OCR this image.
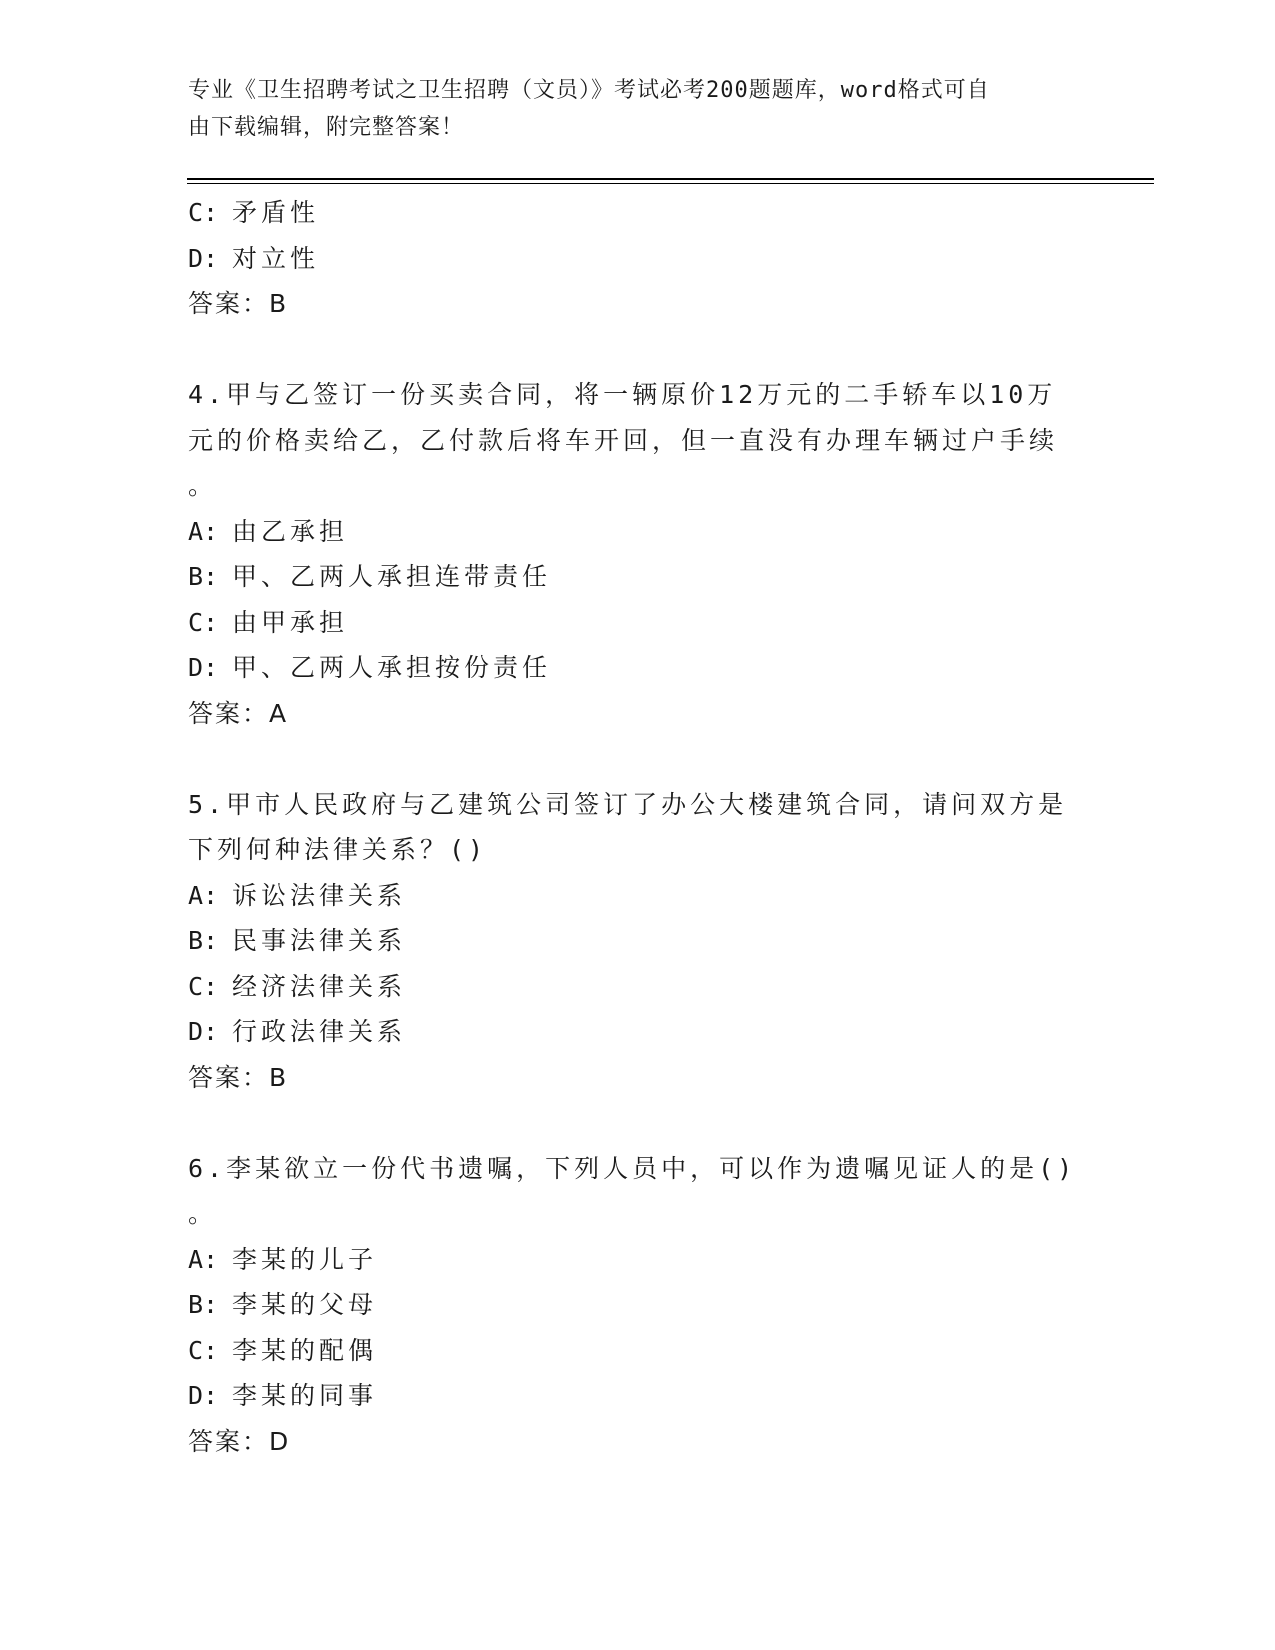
专业《卫生招聘考试之卫生招聘（文员）》考试必考200题题库，word格式可自
由下载编辑，附完整答案！
C: 矛盾性
D: 对立性
答案：B
4.甲与乙签订一份买卖合同，将一辆原价12万元的二手轿车以10万
元的价格卖给乙，乙付款后将车开回，但一直没有办理车辆过户手续
。
A: 由乙承担
B: 甲、乙两人承担连带责任
C: 由甲承担
D: 甲、乙两人承担按份责任
答案：A
5.甲市人民政府与乙建筑公司签订了办公大楼建筑合同，请问双方是
下列何种法律关系？()
A: 诉讼法律关系
B: 民事法律关系
C: 经济法律关系
D: 行政法律关系
答案：B
6.李某欲立一份代书遗嘱，下列人员中，可以作为遗嘱见证人的是()
。
A: 李某的儿子
B: 李某的父母
C: 李某的配偶
D: 李某的同事
答案：D
